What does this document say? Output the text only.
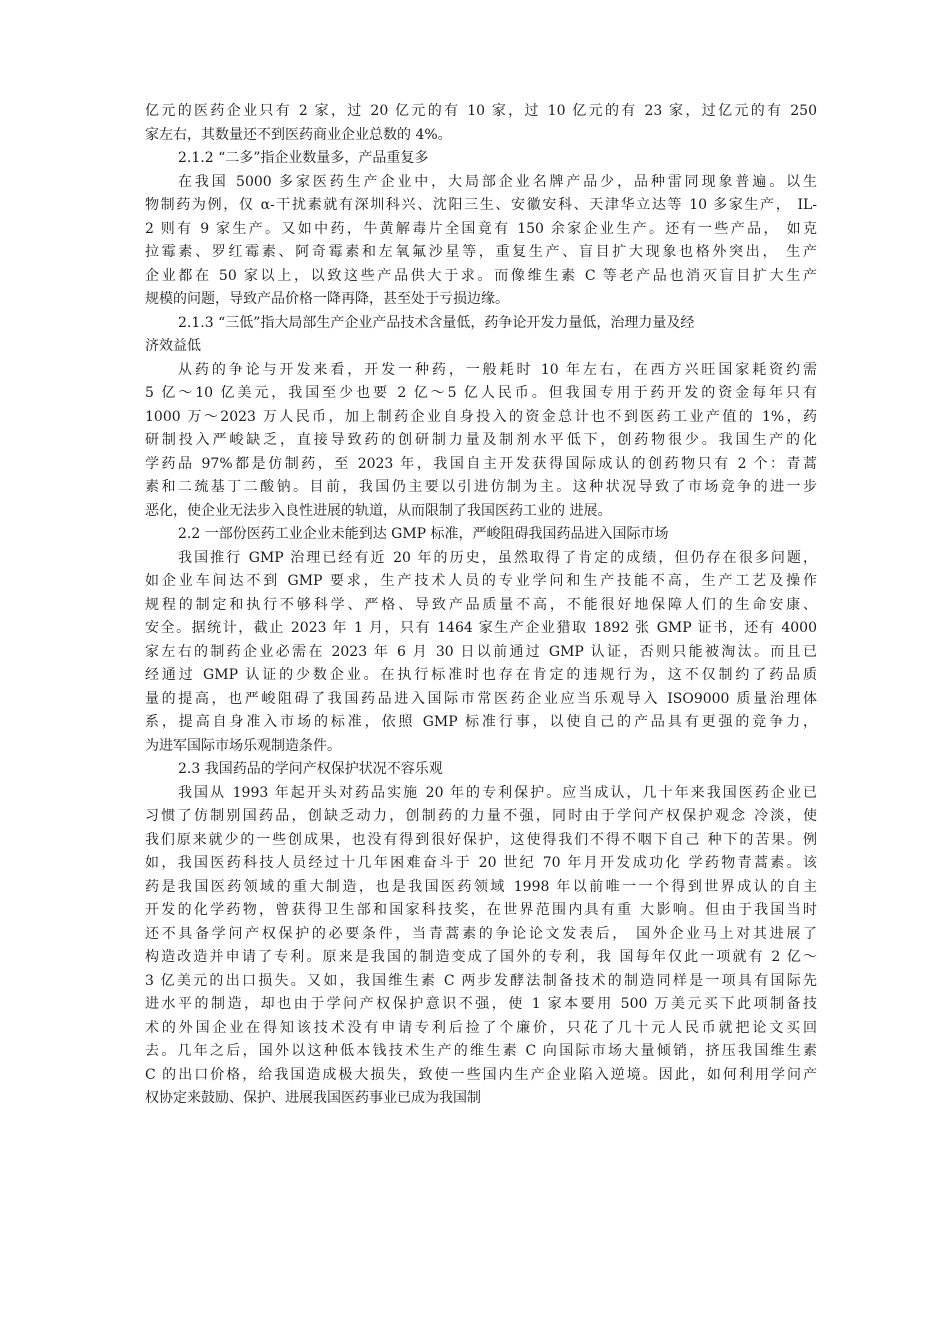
亿元的医药企业只有 2 家，过 20 亿元的有 10 家，过 10 亿元的有 23 家，过亿元的有 250
家左右，其数量还不到医药商业企业总数的 4%。
2.1.2 “二多”指企业数量多，产品重复多
在我国 5000 多家医药生产企业中，大局部企业名牌产品少，品种雷同现象普遍。以生
物制药为例，仅 α-干扰素就有深圳科兴、沈阳三生、安徽安科、天津华立达等 10 多家生产， IL-
2 则有 9 家生产。又如中药，牛黄解毒片全国竟有 150 余家企业生产。还有一些产品， 如克
拉霉素、罗红霉素、阿奇霉素和左氧氟沙星等，重复生产、盲目扩大现象也格外突出， 生产
企业都在 50 家以上，以致这些产品供大于求。而像维生素 C 等老产品也消灭盲目扩大生产
规模的问题，导致产品价格一降再降，甚至处于亏损边缘。
2.1.3 “三低”指大局部生产企业产品技术含量低，药争论开发力量低，治理力量及经
济效益低
从药的争论与开发来看，开发一种药，一般耗时 10 年左右，在西方兴旺国家耗资约需
5 亿～10 亿美元，我国至少也要 2 亿～5 亿人民币。但我国专用于药开发的资金每年只有
1000 万～2023 万人民币，加上制药企业自身投入的资金总计也不到医药工业产值的 1%，药
研制投入严峻缺乏，直接导致药的创研制力量及制剂水平低下，创药物很少。我国生产的化
学药品 97%都是仿制药，至 2023 年，我国自主开发获得国际成认的创药物只有 2 个：青蒿
素和二巯基丁二酸钠。目前，我国仍主要以引进仿制为主。这种状况导致了市场竞争的进一步
恶化，使企业无法步入良性进展的轨道，从而限制了我国医药工业的 进展。
2.2 一部份医药工业企业未能到达 GMP 标准，严峻阻碍我国药品进入国际市场
我国推行 GMP 治理已经有近 20 年的历史，虽然取得了肯定的成绩，但仍存在很多问题，
如企业车间达不到 GMP 要求，生产技术人员的专业学问和生产技能不高，生产工艺及操作
规程的制定和执行不够科学、严格、导致产品质量不高，不能很好地保障人们的生命安康、
安全。据统计，截止 2023 年 1 月，只有 1464 家生产企业猎取 1892 张 GMP 证书，还有 4000
家左右的制药企业必需在 2023 年 6 月 30 日以前通过 GMP 认证，否则只能被淘汰。而且已
经通过 GMP 认证的少数企业。在执行标准时也存在肯定的违规行为，这不仅制约了药品质
量的提高，也严峻阻碍了我国药品进入国际市常医药企业应当乐观导入 ISO9000 质量治理体
系，提高自身准入市场的标准，依照 GMP 标准行事，以使自己的产品具有更强的竞争力，
为进军国际市场乐观制造条件。
2.3 我国药品的学问产权保护状况不容乐观
我国从 1993 年起开头对药品实施 20 年的专利保护。应当成认，几十年来我国医药企业已
习惯了仿制别国药品，创缺乏动力，创制药的力量不强，同时由于学问产权保护观念 冷淡，使
我们原来就少的一些创成果，也没有得到很好保护，这使得我们不得不咽下自己 种下的苦果。例
如，我国医药科技人员经过十几年困难奋斗于 20 世纪 70 年月开发成功化 学药物青蒿素。该
药是我国医药领域的重大制造，也是我国医药领域 1998 年以前唯一一个得到世界成认的自主
开发的化学药物，曾获得卫生部和国家科技奖，在世界范围内具有重 大影响。但由于我国当时
还不具备学问产权保护的必要条件，当青蒿素的争论论文发表后， 国外企业马上对其进展了
构造改造并申请了专利。原来是我国的制造变成了国外的专利，我 国每年仅此一项就有 2 亿～
3 亿美元的出口损失。又如，我国维生素 C 两步发酵法制备技术的制造同样是一项具有国际先
进水平的制造，却也由于学问产权保护意识不强，使 1 家本要用 500 万美元买下此项制备技
术的外国企业在得知该技术没有申请专利后捡了个廉价，只花了几十元人民币就把论文买回
去。几年之后，国外以这种低本钱技术生产的维生素 C 向国际市场大量倾销，挤压我国维生素
C 的出口价格，给我国造成极大损失，致使一些国内生产企业陷入逆境。因此，如何利用学问产
权协定来鼓励、保护、进展我国医药事业已成为我国制
